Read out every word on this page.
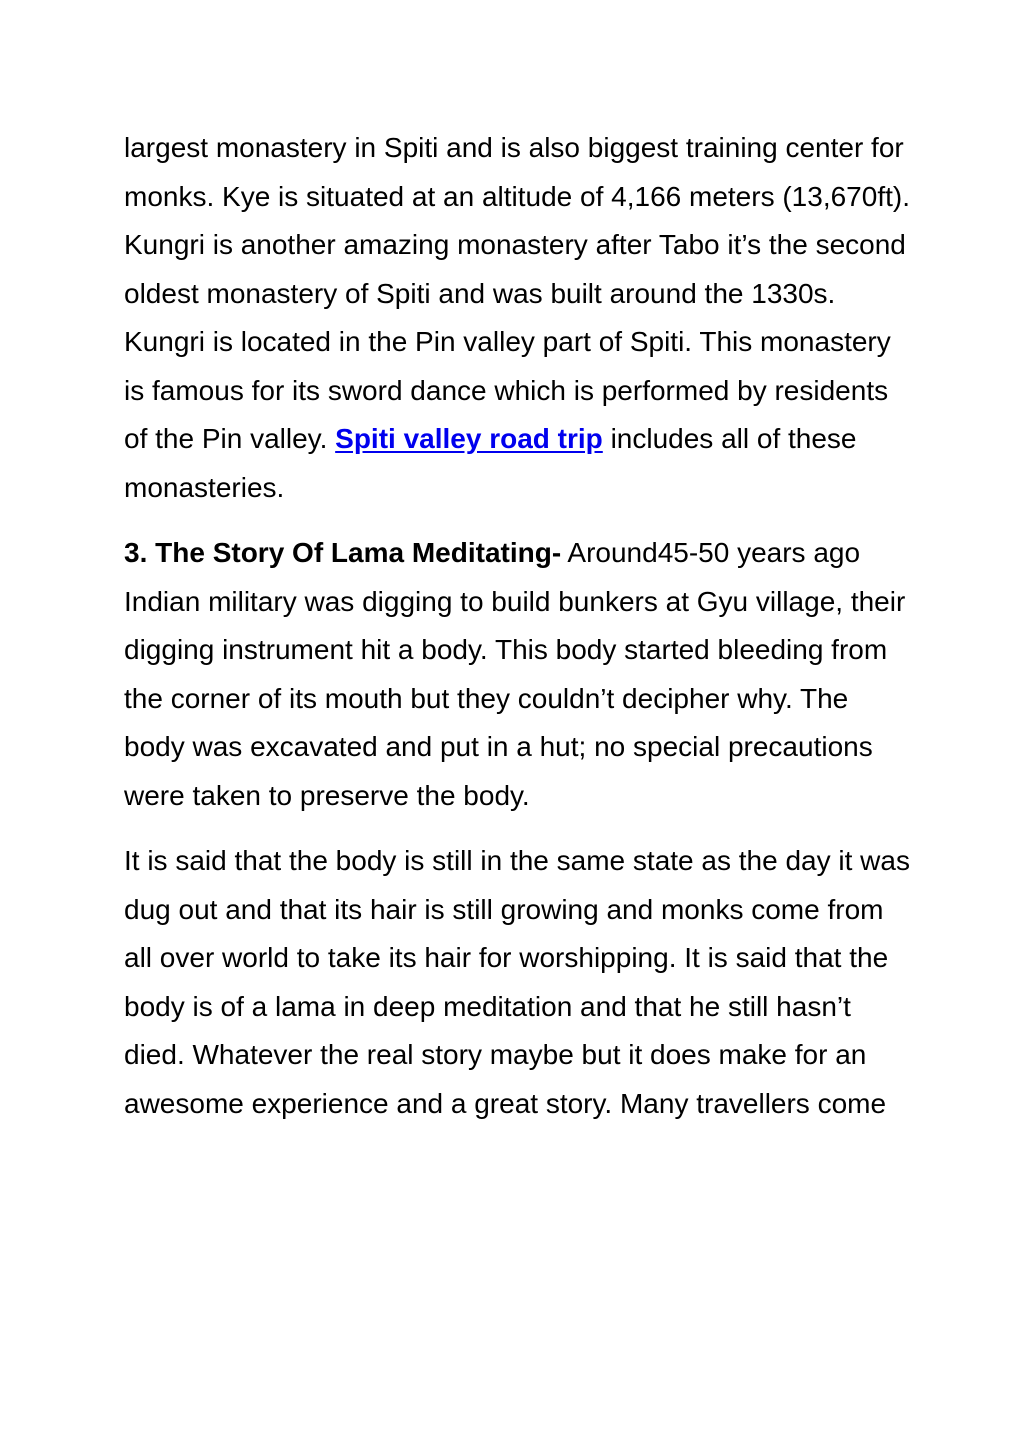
largest monastery in Spiti and is also biggest training center for monks. Kye is situated at an altitude of 4,166 meters (13,670ft). Kungri is another amazing monastery after Tabo it’s the second oldest monastery of Spiti and was built around the 1330s. Kungri is located in the Pin valley part of Spiti. This monastery is famous for its sword dance which is performed by residents of the Pin valley. Spiti valley road trip includes all of these monasteries.

3. The Story Of Lama Meditating- Around45-50 years ago Indian military was digging to build bunkers at Gyu village, their digging instrument hit a body. This body started bleeding from the corner of its mouth but they couldn’t decipher why. The body was excavated and put in a hut; no special precautions were taken to preserve the body.

It is said that the body is still in the same state as the day it was dug out and that its hair is still growing and monks come from all over world to take its hair for worshipping. It is said that the body is of a lama in deep meditation and that he still hasn’t died. Whatever the real story maybe but it does make for an awesome experience and a great story. Many travellers come
